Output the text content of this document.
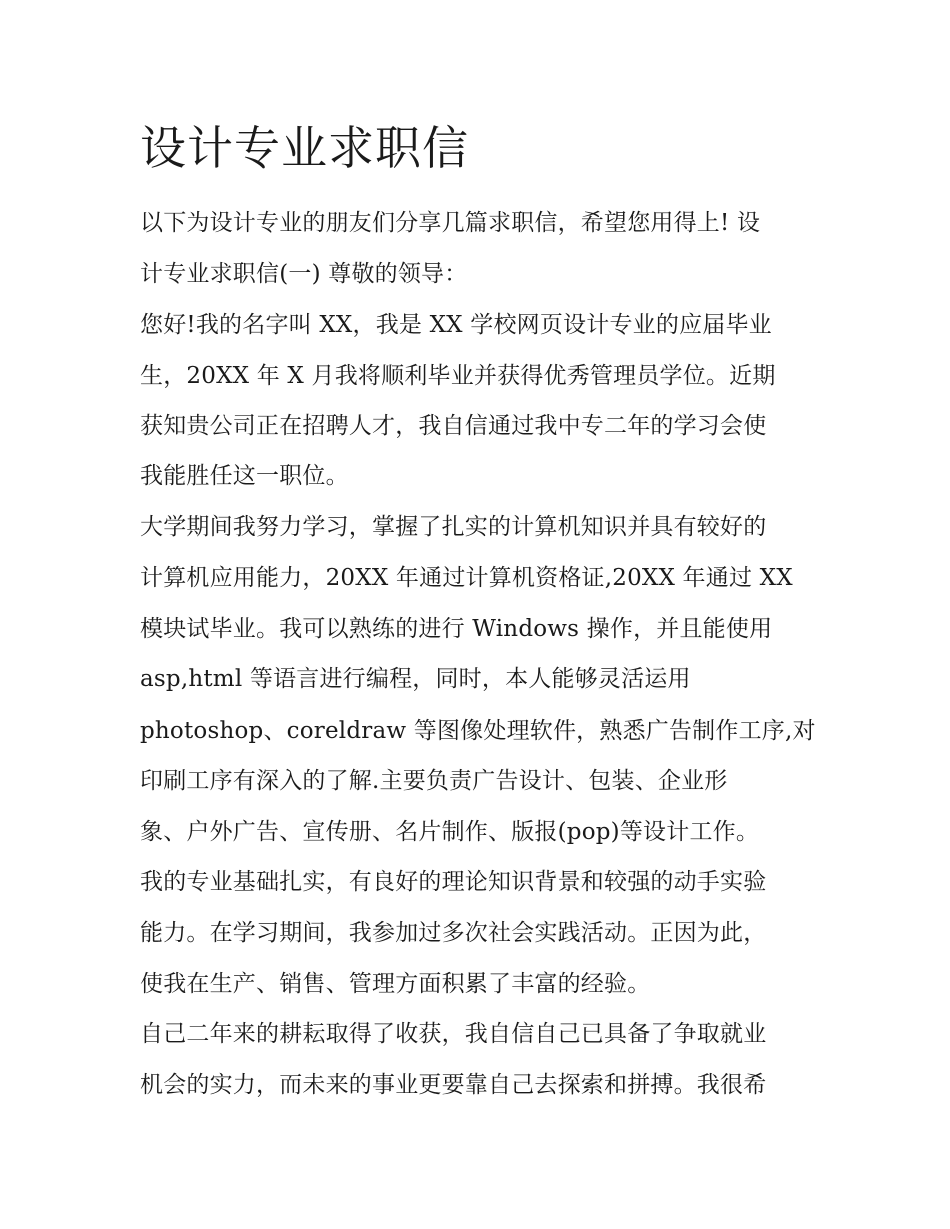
设计专业求职信

以下为设计专业的朋友们分享几篇求职信，希望您用得上! 设

计专业求职信(一) 尊敬的领导：

您好!我的名字叫 XX，我是 XX 学校网页设计专业的应届毕业

生，20XX 年 X 月我将顺利毕业并获得优秀管理员学位。近期

获知贵公司正在招聘人才，我自信通过我中专二年的学习会使

我能胜任这一职位。

大学期间我努力学习，掌握了扎实的计算机知识并具有较好的

计算机应用能力，20XX 年通过计算机资格证,20XX 年通过 XX

模块试毕业。我可以熟练的进行 Windows 操作，并且能使用

asp,html 等语言进行编程，同时，本人能够灵活运用

photoshop、coreldraw 等图像处理软件，熟悉广告制作工序,对

印刷工序有深入的了解.主要负责广告设计、包装、企业形

象、户外广告、宣传册、名片制作、版报(pop)等设计工作。

我的专业基础扎实，有良好的理论知识背景和较强的动手实验

能力。在学习期间，我参加过多次社会实践活动。正因为此，

使我在生产、销售、管理方面积累了丰富的经验。

自己二年来的耕耘取得了收获，我自信自己已具备了争取就业

机会的实力，而未来的事业更要靠自己去探索和拼搏。我很希
